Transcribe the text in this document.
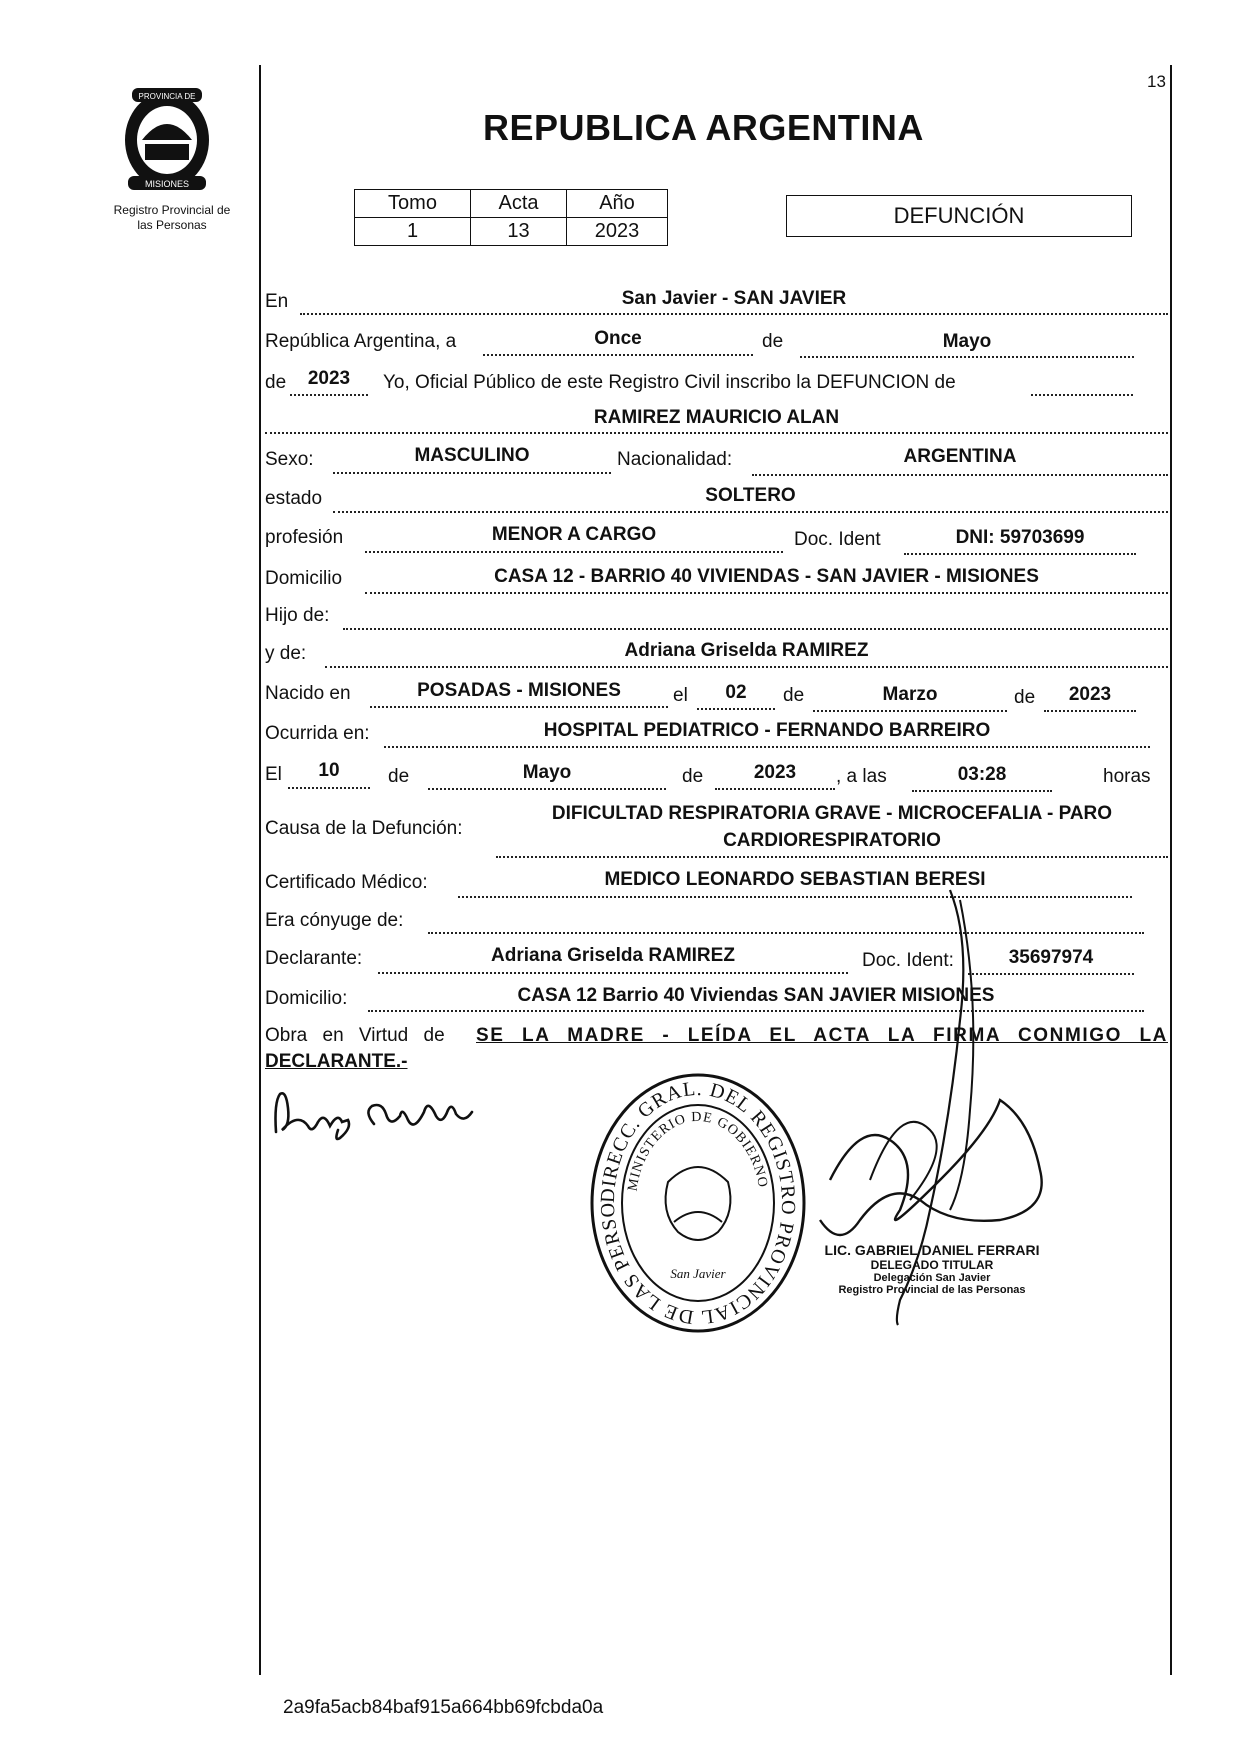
PROVINCIA DE
MISIONES
Registro Provincial de
las Personas
13
REPUBLICA ARGENTINA
Tomo	Acta	Año
1	13	2023
DEFUNCIÓN
En	San Javier - SAN JAVIER
República Argentina, a	Once	de	Mayo
de	2023	Yo, Oficial Público de este Registro Civil inscribo la DEFUNCION de
RAMIREZ MAURICIO ALAN
Sexo:	MASCULINO	Nacionalidad:	ARGENTINA
estado	SOLTERO
profesión	MENOR A CARGO	Doc. Ident	DNI: 59703699
Domicilio	CASA 12 - BARRIO 40 VIVIENDAS - SAN JAVIER - MISIONES
Hijo de:
y de:	Adriana Griselda RAMIREZ
Nacido en	POSADAS - MISIONES	el	02	de	Marzo	de	2023
Ocurrida en:	HOSPITAL PEDIATRICO - FERNANDO BARREIRO
El	10	de	Mayo	de	2023	, a las	03:28	horas
Causa de la Defunción:
DIFICULTAD RESPIRATORIA GRAVE - MICROCEFALIA - PARO
CARDIORESPIRATORIO
Certificado Médico:	MEDICO LEONARDO SEBASTIAN BERESI
Era cónyuge de:
Declarante:	Adriana Griselda RAMIREZ	Doc. Ident:	35697974
Domicilio:	CASA 12 Barrio 40 Viviendas SAN JAVIER MISIONES
Obra en Virtud de SE LA MADRE - LEÍDA EL ACTA LA FIRMA CONMIGO LA
DECLARANTE.-
DIRECC. GRAL. DEL REGISTRO PROVINCIAL DE LAS PERSO
MINISTERIO DE GOBIERNO
San Javier
LIC. GABRIEL DANIEL FERRARI
DELEGADO TITULAR
Delegación San Javier
Registro Provincial de las Personas
2a9fa5acb84baf915a664bb69fcbda0a
